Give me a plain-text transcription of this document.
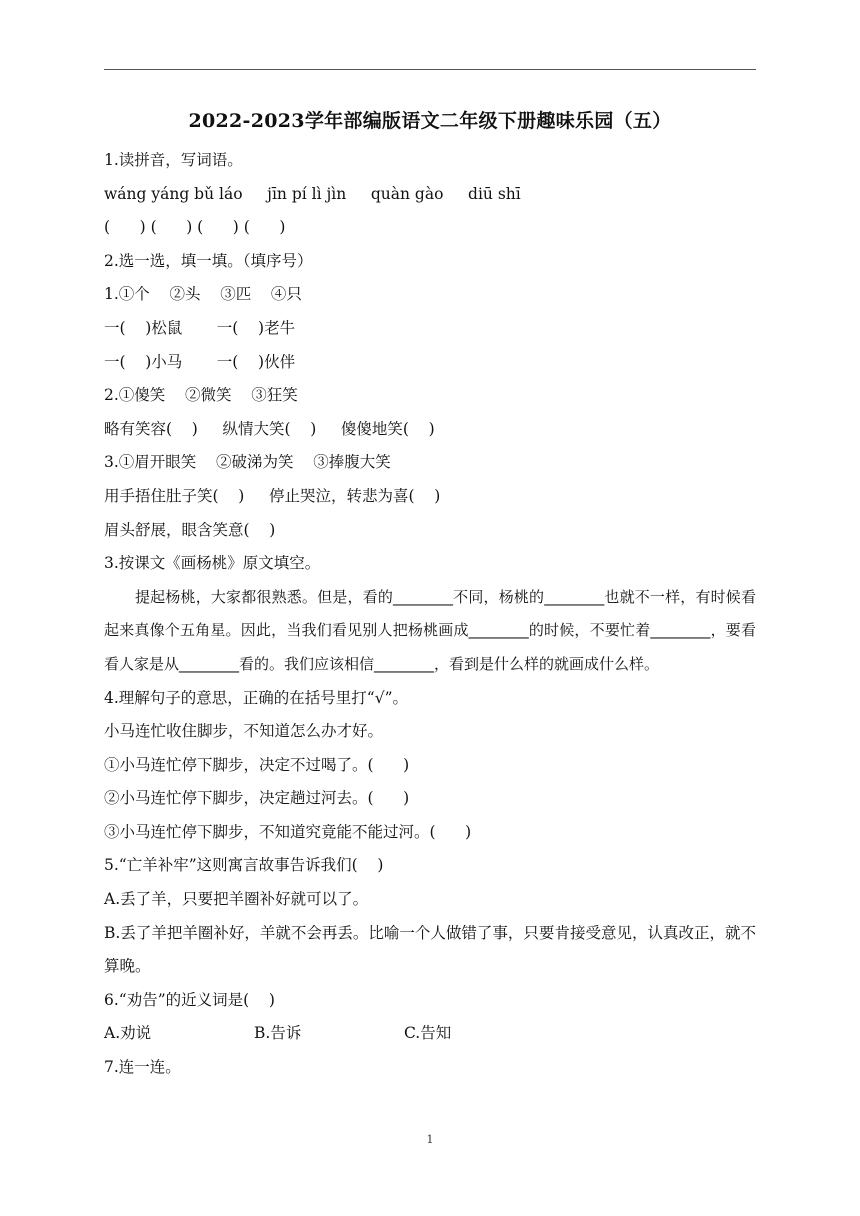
2022-2023学年部编版语文二年级下册趣味乐园（五）
1.读拼音，写词语。
wáng yáng bǔ láo     jīn pí lì jìn     quàn gào     diū shī
(      ) (      ) (      ) (      )
2.选一选，填一填。（填序号）
1.①个    ②头    ③匹    ④只
一(    )松鼠       一(    )老牛
一(    )小马       一(    )伙伴
2.①傻笑    ②微笑    ③狂笑
略有笑容(    )     纵情大笑(    )     傻傻地笑(    )
3.①眉开眼笑    ②破涕为笑    ③捧腹大笑
用手捂住肚子笑(    )     停止哭泣，转悲为喜(    )
眉头舒展，眼含笑意(    )
3.按课文《画杨桃》原文填空。
提起杨桃，大家都很熟悉。但是，看的________不同，杨桃的________也就不一样，有时候看起来真像个五角星。因此，当我们看见别人把杨桃画成________的时候，不要忙着________，要看看人家是从________看的。我们应该相信________，看到是什么样的就画成什么样。
4.理解句子的意思，正确的在括号里打“√”。
小马连忙收住脚步，不知道怎么办才好。
①小马连忙停下脚步，决定不过喝了。(      )
②小马连忙停下脚步，决定趟过河去。(      )
③小马连忙停下脚步，不知道究竟能不能过河。(      )
5.“亡羊补牢”这则寓言故事告诉我们(    )
A.丢了羊，只要把羊圈补好就可以了。
B.丢了羊把羊圈补好，羊就不会再丢。比喻一个人做错了事，只要肯接受意见，认真改正，就不算晚。
6.“劝告”的近义词是(    )
A.劝说	B.告诉	C.告知
7.连一连。
1
